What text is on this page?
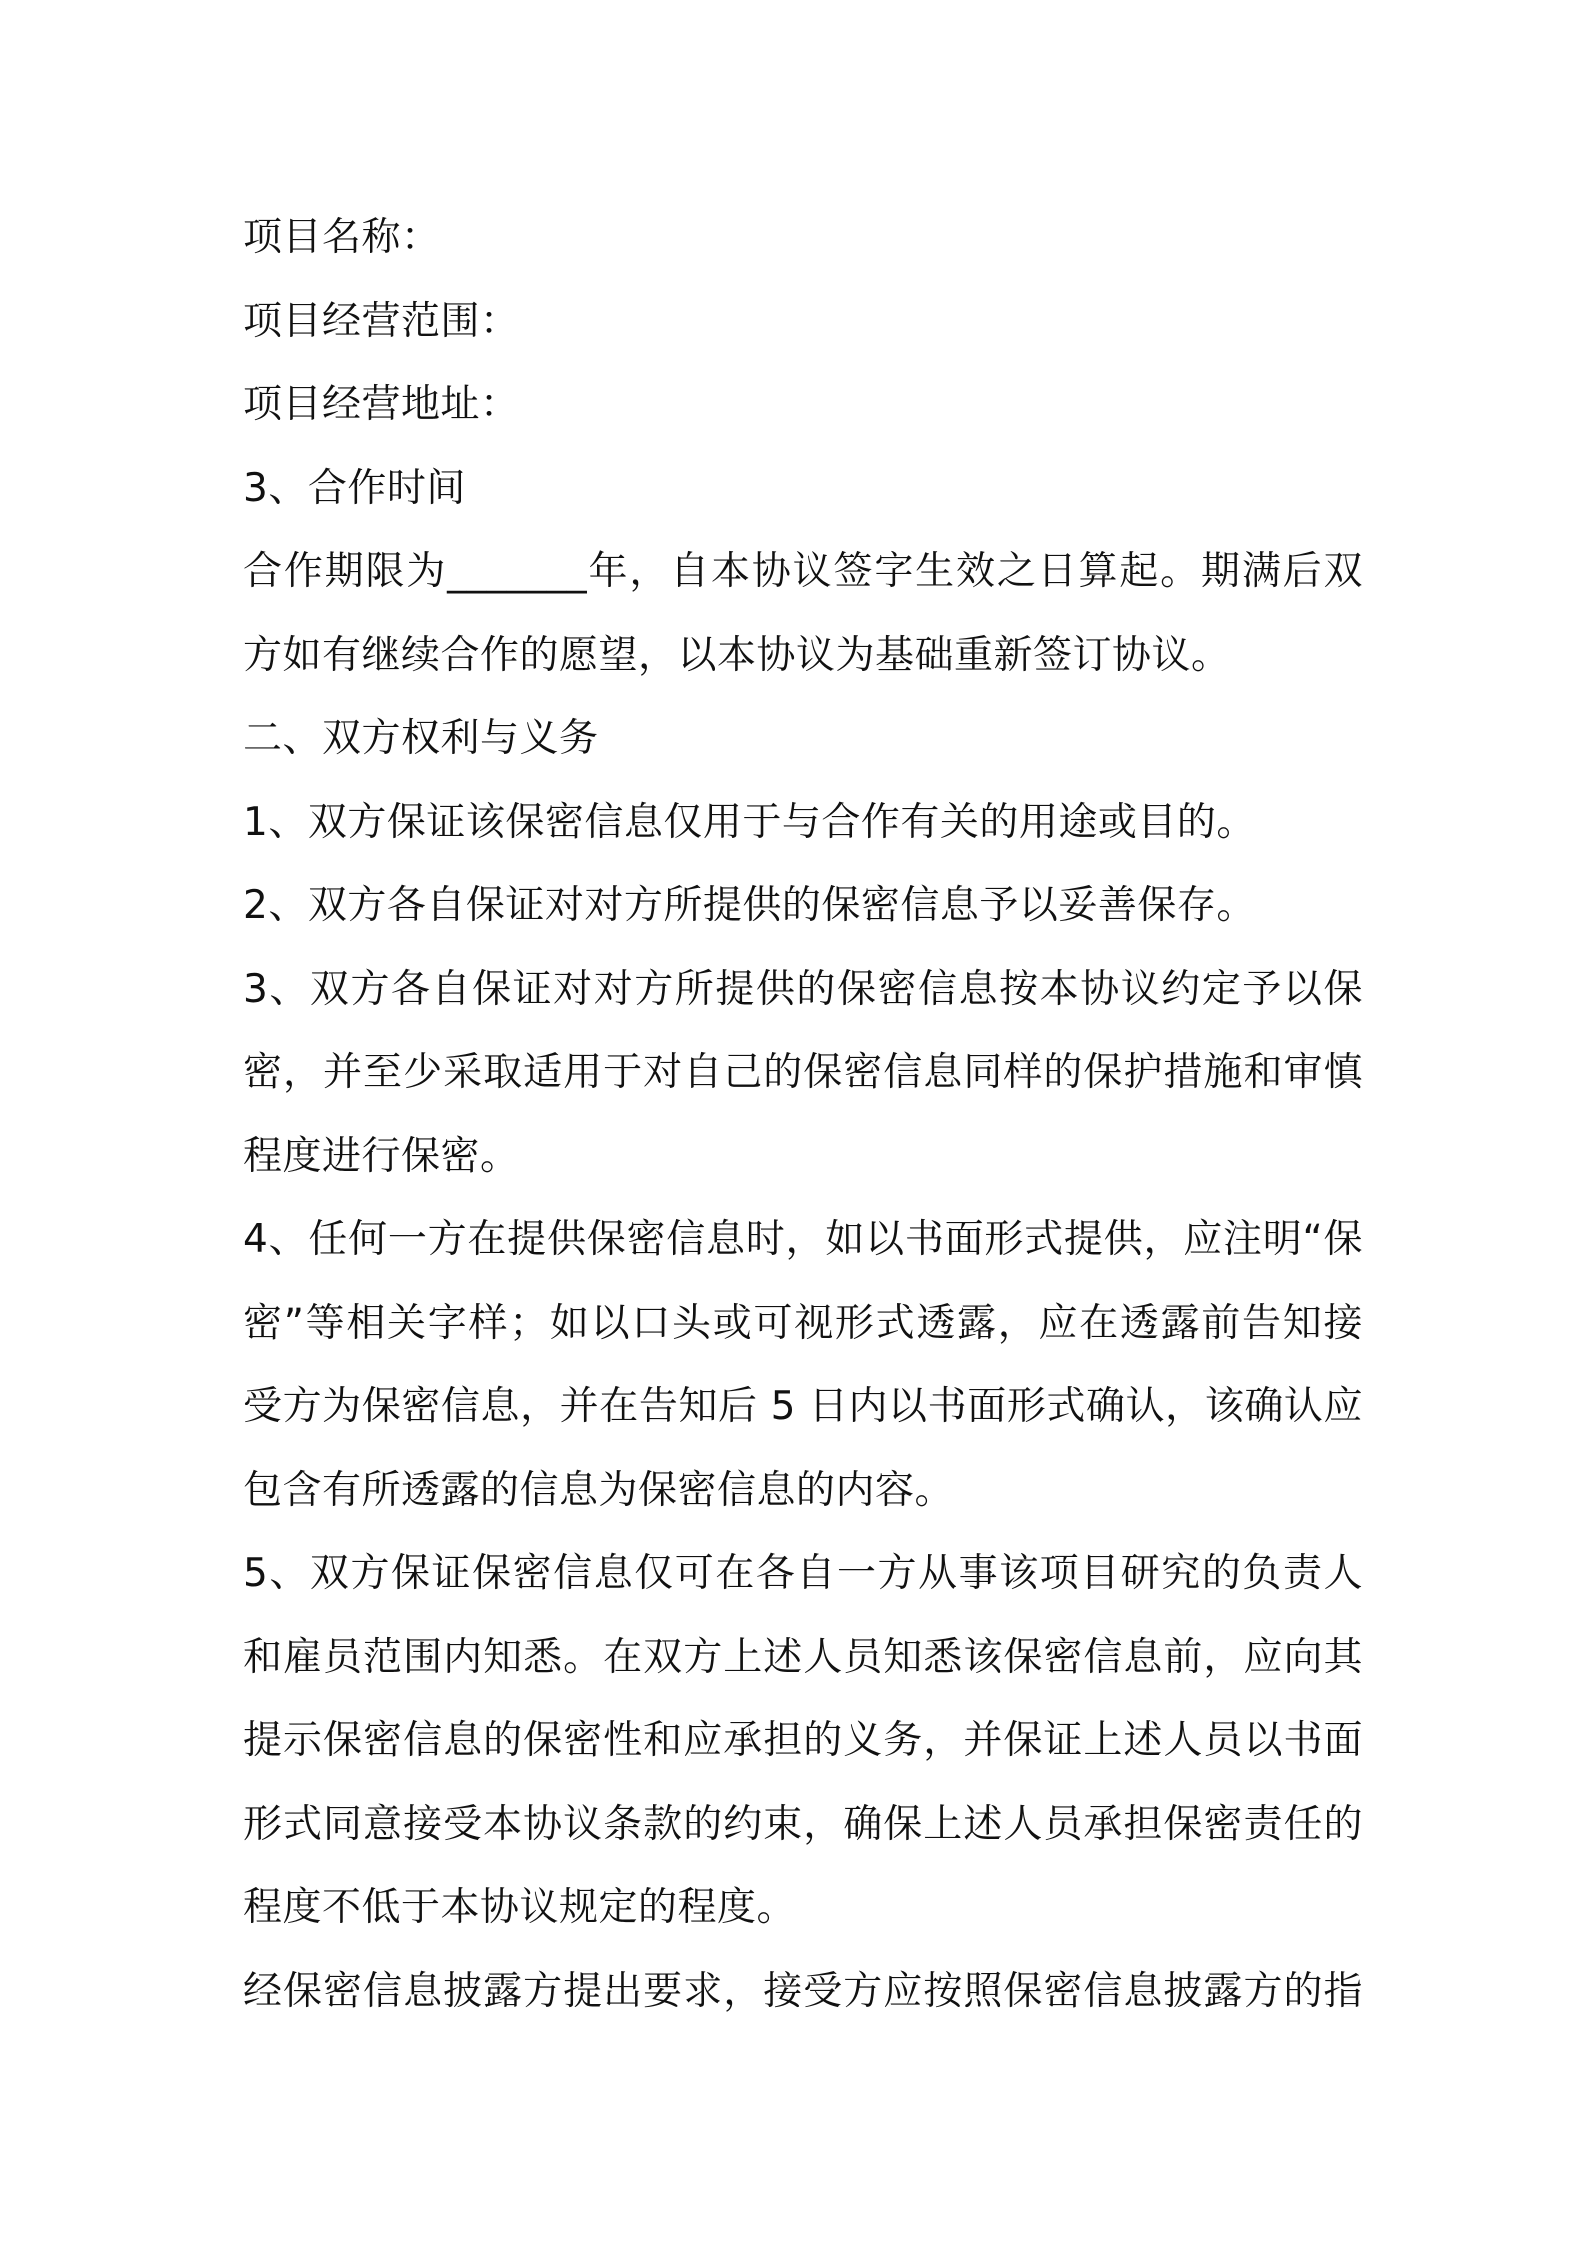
项目名称：
项目经营范围：
项目经营地址：
3、合作时间
合作期限为_______年，自本协议签字生效之日算起。期满后双
方如有继续合作的愿望，以本协议为基础重新签订协议。
二、双方权利与义务
1、双方保证该保密信息仅用于与合作有关的用途或目的。
2、双方各自保证对对方所提供的保密信息予以妥善保存。
3、双方各自保证对对方所提供的保密信息按本协议约定予以保
密，并至少采取适用于对自己的保密信息同样的保护措施和审慎
程度进行保密。
4、任何一方在提供保密信息时，如以书面形式提供，应注明“保
密”等相关字样；如以口头或可视形式透露，应在透露前告知接
受方为保密信息，并在告知后 5 日内以书面形式确认，该确认应
包含有所透露的信息为保密信息的内容。
5、双方保证保密信息仅可在各自一方从事该项目研究的负责人
和雇员范围内知悉。在双方上述人员知悉该保密信息前，应向其
提示保密信息的保密性和应承担的义务，并保证上述人员以书面
形式同意接受本协议条款的约束，确保上述人员承担保密责任的
程度不低于本协议规定的程度。
经保密信息披露方提出要求，接受方应按照保密信息披露方的指
